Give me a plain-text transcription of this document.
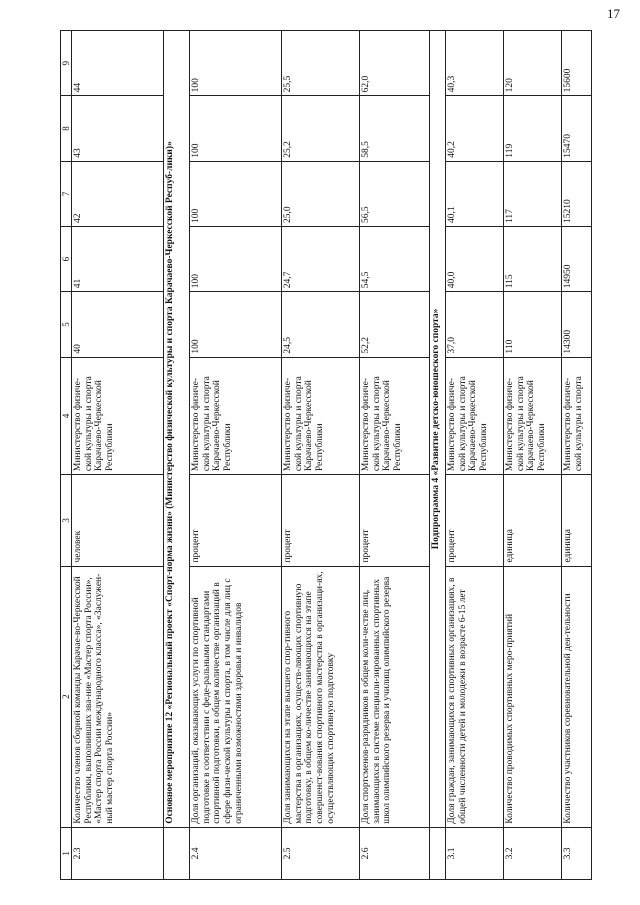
17
1	2	3	4	5	6	7	8	9
2.3	Количество членов сборной команды Карачае-во-Черкесской Республики, выполнивших зва-ние «Мастер спорта России», «Мастер спорта России международного класса», «Заслужен-ный мастер спорта России»	человек	Министерство физиче-ской культуры и спорта Карачаево-Черкесской Республики	40	41	42	43	44
	Основное мероприятие 12 «Региональный проект «Спорт-норма жизни» (Министерство физической культуры и спорта Карачаево-Черкесской Респуб-лики)»							
2.4	Доля организаций, оказывающих услуги по спортивной подготовке в соответствии с феде-ральными стандартами спортивной подготовки, в общем количестве организаций в сфере физи-ческой культуры и спорта, в том числе для лиц с ограниченными возможностями здоровья и инвалидов	процент	Министерство физиче-ской культуры и спорта Карачаево-Черкесской Республики	100	100	100	100	100
2.5	Доля занимающихся на этапе высшего спор-тивного мастерства в организациях, осуществ-ляющих спортивную подготовку, в общем ко-личестве занимающихся на этапе совершенст-вования спортивного мастерства в организаци-ях, осуществляющих спортивную подготовку	процент	Министерство физиче-ской культуры и спорта Карачаево-Черкесской Республики	24,5	24,7	25,0	25,2	25,5
2.6	Доля спортсменов-разрядников в общем коли-честве лиц, занимающихся в системе специали-зированных спортивных школ олимпийского резерва и училищ олимпийского резерва	процент	Министерство физиче-ской культуры и спорта Карачаево-Черкесской Республики	52,2	54,5	56,5	58,5	62,0
	Подпрограмма 4 «Развитие детско-юношеского спорта»							
3.1	Доля граждан, занимающихся в спортивных организациях, в общей численности детей и молодежи в возрасте 6-15 лет	процент	Министерство физиче-ской культуры и спорта Карачаево-Черкесской Республики	37,0	40,0	40,1	40,2	40,3
3.2	Количество проводимых спортивных меро-приятий	единица	Министерство физиче-ской культуры и спорта Карачаево-Черкесской Республики	110	115	117	119	120
3.3	Количество участников соревновательной дея-тельности	единица	Министерство физиче-ской культуры и спорта	14300	14950	15210	15470	15600
